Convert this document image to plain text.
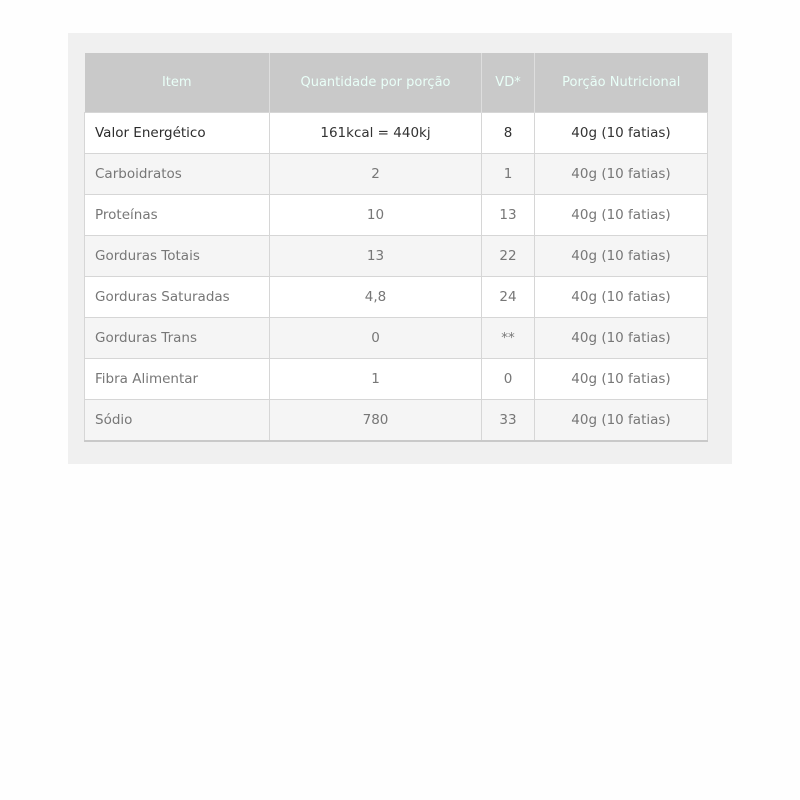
Item	Quantidade por porção	VD*	Porção Nutricional
Valor Energético	161kcal = 440kj	8	40g (10 fatias)
Carboidratos	2	1	40g (10 fatias)
Proteínas	10	13	40g (10 fatias)
Gorduras Totais	13	22	40g (10 fatias)
Gorduras Saturadas	4,8	24	40g (10 fatias)
Gorduras Trans	0	**	40g (10 fatias)
Fibra Alimentar	1	0	40g (10 fatias)
Sódio	780	33	40g (10 fatias)
